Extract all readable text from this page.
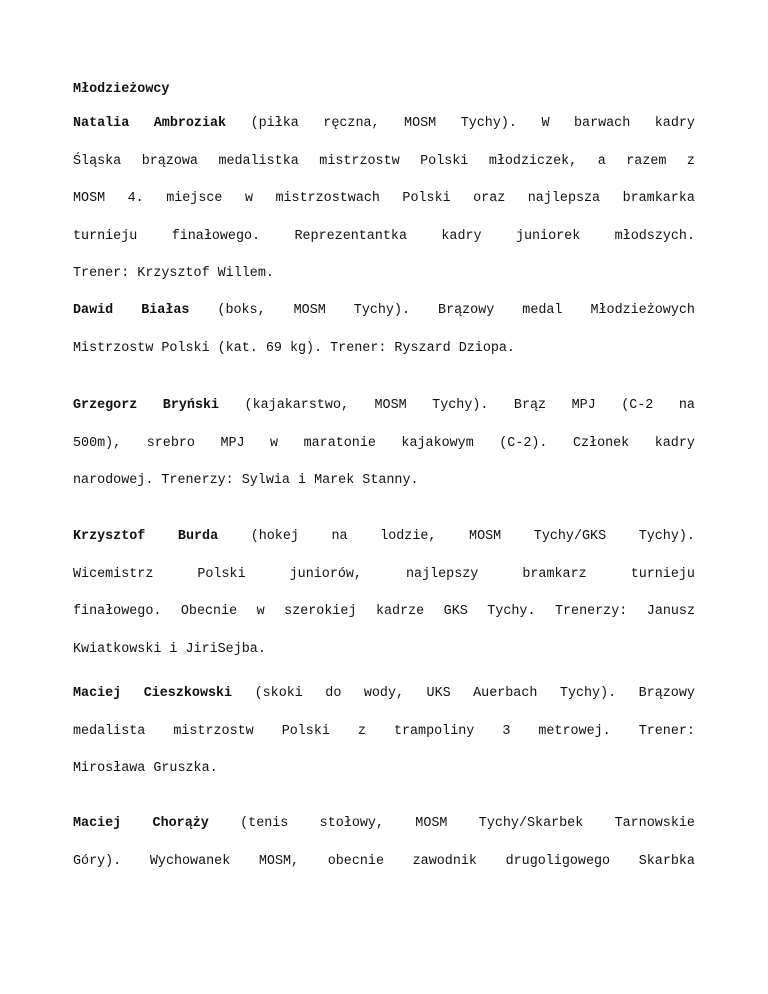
Młodzieżowcy
Natalia Ambroziak (piłka ręczna, MOSM Tychy). W barwach kadry
Śląska brązowa medalistka mistrzostw Polski młodziczek, a razem z
MOSM 4. miejsce w mistrzostwach Polski oraz najlepsza bramkarka
turnieju	finałowego.	Reprezentantka	kadry	juniorek	młodszych.
Trener: Krzysztof Willem.
Dawid Białas (boks, MOSM Tychy). Brązowy medal Młodzieżowych
Mistrzostw Polski (kat. 69 kg). Trener: Ryszard Dziopa.
Grzegorz Bryński (kajakarstwo, MOSM Tychy). Brąz MPJ (C-2 na
500m), srebro MPJ w maratonie kajakowym (C-2). Członek kadry
narodowej. Trenerzy: Sylwia i Marek Stanny.
Krzysztof Burda (hokej na lodzie, MOSM Tychy/GKS Tychy).
Wicemistrz	Polski	juniorów,	najlepszy	bramkarz	turnieju
finałowego. Obecnie w szerokiej kadrze GKS Tychy. Trenerzy: Janusz
Kwiatkowski i JiriSejba.
Maciej Cieszkowski (skoki do wody, UKS Auerbach Tychy). Brązowy
medalista mistrzostw Polski z trampoliny 3 metrowej. Trener:
Mirosława Gruszka.
Maciej Chorąży (tenis stołowy, MOSM Tychy/Skarbek Tarnowskie
Góry). Wychowanek MOSM, obecnie zawodnik drugoligowego Skarbka
